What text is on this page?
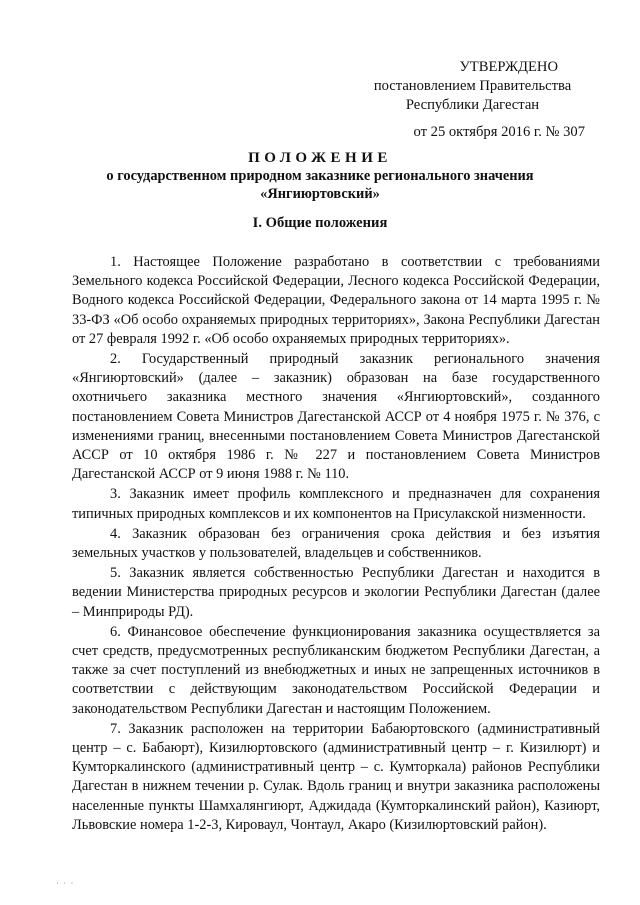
УТВЕРЖДЕНО
постановлением Правительства
Республики Дагестан
от 25 октября 2016 г. № 307
ПОЛОЖЕНИЕ
о государственном природном заказнике регионального значения
«Янгиюртовский»
I. Общие положения

1. Настоящее Положение разработано в соответствии с требованиями Земельного кодекса Российской Федерации, Лесного кодекса Российской Федерации, Водного кодекса Российской Федерации, Федерального закона от 14 марта 1995 г. № 33-ФЗ «Об особо охраняемых природных территориях», Закона Республики Дагестан от 27 февраля 1992 г. «Об особо охраняемых природных территориях».

2. Государственный природный заказник регионального значения «Янгиюртовский» (далее – заказник) образован на базе государственного охотничьего заказника местного значения «Янгиюртовский», созданного постановлением Совета Министров Дагестанской АССР от 4 ноября 1975 г. № 376, с изменениями границ, внесенными постановлением Совета Министров Дагестанской АССР от 10 октября 1986 г. № 227 и постановлением Совета Министров Дагестанской АССР от 9 июня 1988 г. № 110.

3. Заказник имеет профиль комплексного и предназначен для сохранения типичных природных комплексов и их компонентов на Присулакской низменности.

4. Заказник образован без ограничения срока действия и без изъятия земельных участков у пользователей, владельцев и собственников.

5. Заказник является собственностью Республики Дагестан и находится в ведении Министерства природных ресурсов и экологии Республики Дагестан (далее – Минприроды РД).

6. Финансовое обеспечение функционирования заказника осуществляется за счет средств, предусмотренных республиканским бюджетом Республики Дагестан, а также за счет поступлений из внебюджетных и иных не запрещенных источников в соответствии с действующим законодательством Российской Федерации и законодательством Республики Дагестан и настоящим Положением.

7. Заказник расположен на территории Бабаюртовского (административный центр – с. Бабаюрт), Кизилюртовского (административный центр – г. Кизилюрт) и Кумторкалинского (административный центр – с. Кумторкала) районов Республики Дагестан в нижнем течении р. Сулак. Вдоль границ и внутри заказника расположены населенные пункты Шамхалянгиюрт, Аджидада (Кумторкалинский район), Казиюрт, Львовские номера 1-2-3, Кироваул, Чонтаул, Акаро (Кизилюртовский район).

· · ·
